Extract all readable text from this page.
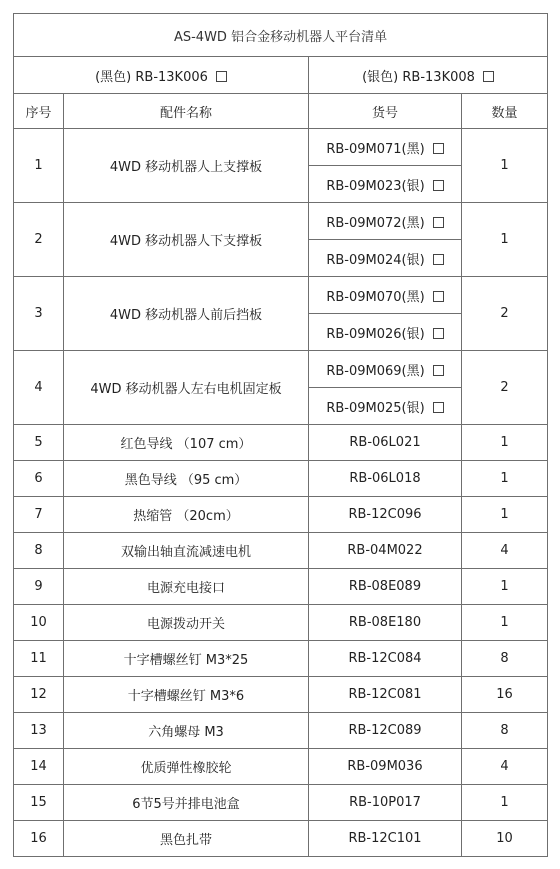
AS-4WD 铝合金移动机器人平台清单			
(黑色) RB-13K006		(银色) RB-13K008	
序号	配件名称	货号	数量
1	4WD 移动机器人上支撑板	RB-09M071(黑)	1
		RB-09M023(银)	
2	4WD 移动机器人下支撑板	RB-09M072(黑)	1
		RB-09M024(银)	
3	4WD 移动机器人前后挡板	RB-09M070(黑)	2
		RB-09M026(银)	
4	4WD 移动机器人左右电机固定板	RB-09M069(黑)	2
		RB-09M025(银)	
5	红色导线 （107 cm）	RB-06L021	1
6	黑色导线 （95 cm）	RB-06L018	1
7	热缩管 （20cm）	RB-12C096	1
8	双输出轴直流减速电机	RB-04M022	4
9	电源充电接口	RB-08E089	1
10	电源拨动开关	RB-08E180	1
11	十字槽螺丝钉 M3*25	RB-12C084	8
12	十字槽螺丝钉 M3*6	RB-12C081	16
13	六角螺母 M3	RB-12C089	8
14	优质弹性橡胶轮	RB-09M036	4
15	6节5号并排电池盒	RB-10P017	1
16	黑色扎带	RB-12C101	10
